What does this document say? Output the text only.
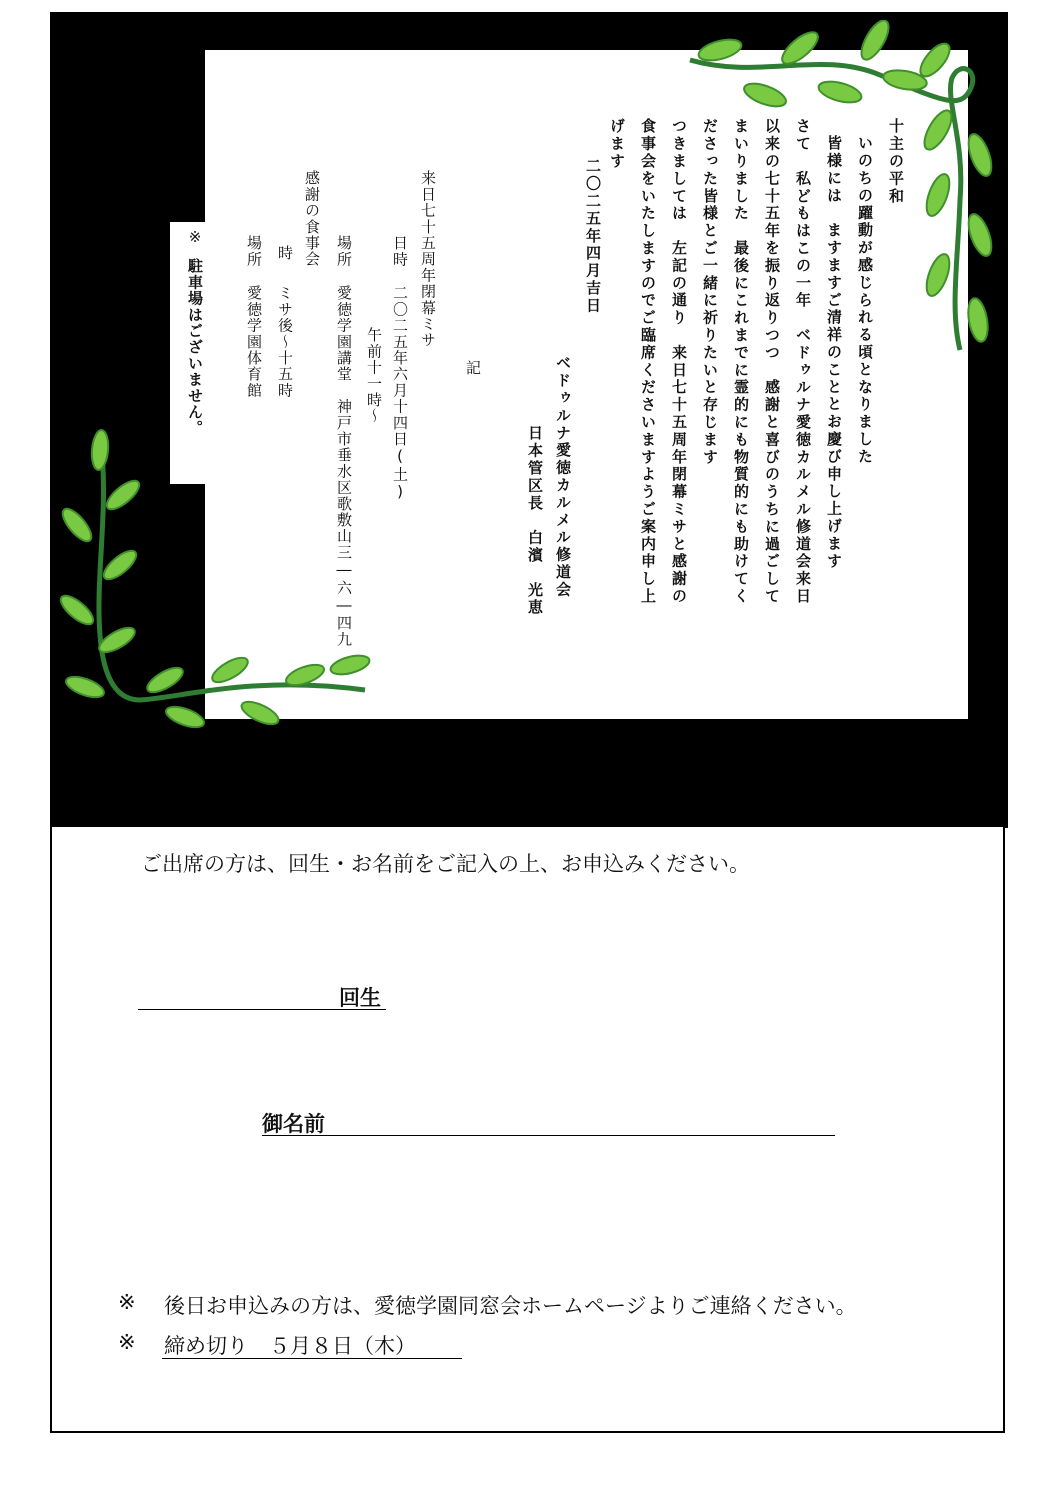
十主の平和
いのちの躍動が感じられる頃となりました
皆様には　ますますご清祥のこととお慶び申し上げます
さて　私どもはこの一年　ベドゥルナ愛徳カルメル修道会来日
以来の七十五年を振り返りつつ　感謝と喜びのうちに過ごして
まいりました　最後にこれまでに霊的にも物質的にも助けてく
ださった皆様とご一緒に祈りたいと存じます
つきましては　左記の通り　来日七十五周年閉幕ミサと感謝の
食事会をいたしますのでご臨席くださいますようご案内申し上
げます
二〇二五年四月吉日
ベドゥルナ愛徳カルメル修道会
日本管区長　白濱　光恵
記
来日七十五周年閉幕ミサ
日時
二〇二五年六月十四日(土)
午前十一時〜
場所
愛徳学園講堂　神戸市垂水区歌敷山三―六―四九
感謝の食事会
時
ミサ後〜十五時
場所
愛徳学園体育館
※
駐車場はございません。
ご出席の方は、回生・お名前をご記入の上、お申込みください。
回生
御名前
※ 後日お申込みの方は、愛徳学園同窓会ホームページよりご連絡ください。
※ 締め切り　５月８日（木）
